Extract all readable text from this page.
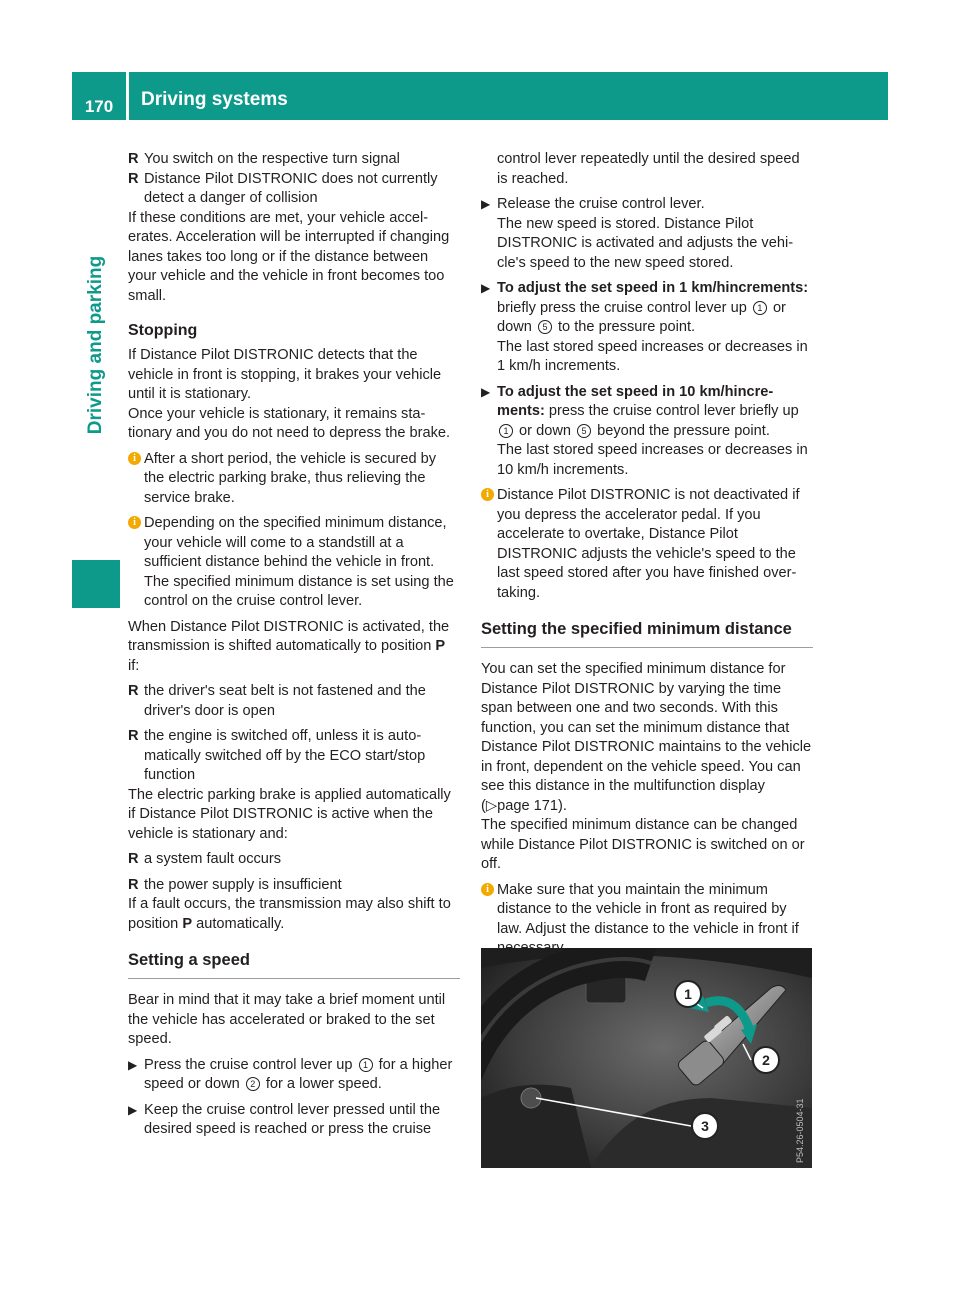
170	Driving systems
Driving and parking

R You switch on the respective turn signal

R Distance Pilot DISTRONIC does not currently detect a danger of collision

If these conditions are met, your vehicle accelerates. Acceleration will be interrupted if changing lanes takes too long or if the distance between your vehicle and the vehicle in front becomes too small.

Stopping

If Distance Pilot DISTRONIC detects that the vehicle in front is stopping, it brakes your vehicle until it is stationary.

Once your vehicle is stationary, it remains stationary and you do not need to depress the brake.

i After a short period, the vehicle is secured by the electric parking brake, thus relieving the service brake.

i Depending on the specified minimum distance, your vehicle will come to a standstill at a sufficient distance behind the vehicle in front. The specified minimum distance is set using the control on the cruise control lever.

When Distance Pilot DISTRONIC is activated, the transmission is shifted automatically to position P if:

R the driver's seat belt is not fastened and the driver's door is open

R the engine is switched off, unless it is automatically switched off by the ECO start/stop function

The electric parking brake is applied automatically if Distance Pilot DISTRONIC is active when the vehicle is stationary and:

R a system fault occurs

R the power supply is insufficient

If a fault occurs, the transmission may also shift to position P automatically.

Setting a speed

Bear in mind that it may take a brief moment until the vehicle has accelerated or braked to the set speed.

▶ Press the cruise control lever up 1 for a higher speed or down 2 for a lower speed.

▶ Keep the cruise control lever pressed until the desired speed is reached or press the cruise

control lever repeatedly until the desired speed is reached.

▶ Release the cruise control lever.
The new speed is stored. Distance Pilot DISTRONIC is activated and adjusts the vehicle's speed to the new speed stored.

▶ To adjust the set speed in 1 km/hincrements: briefly press the cruise control lever up 1 or down 5 to the pressure point.
The last stored speed increases or decreases in 1 km/h increments.

▶ To adjust the set speed in 10 km/hincrements: press the cruise control lever briefly up 1 or down 5 beyond the pressure point.
The last stored speed increases or decreases in 10 km/h increments.

i Distance Pilot DISTRONIC is not deactivated if you depress the accelerator pedal. If you accelerate to overtake, Distance Pilot DISTRONIC adjusts the vehicle's speed to the last speed stored after you have finished overtaking.

Setting the specified minimum distance

You can set the specified minimum distance for Distance Pilot DISTRONIC by varying the time span between one and two seconds. With this function, you can set the minimum distance that Distance Pilot DISTRONIC maintains to the vehicle in front, dependent on the vehicle speed. You can see this distance in the multifunction display (▷page 171).

The specified minimum distance can be changed while Distance Pilot DISTRONIC is switched on or off.

i Make sure that you maintain the minimum distance to the vehicle in front as required by law. Adjust the distance to the vehicle in front if

1
2
3	P54.26-0504-31
